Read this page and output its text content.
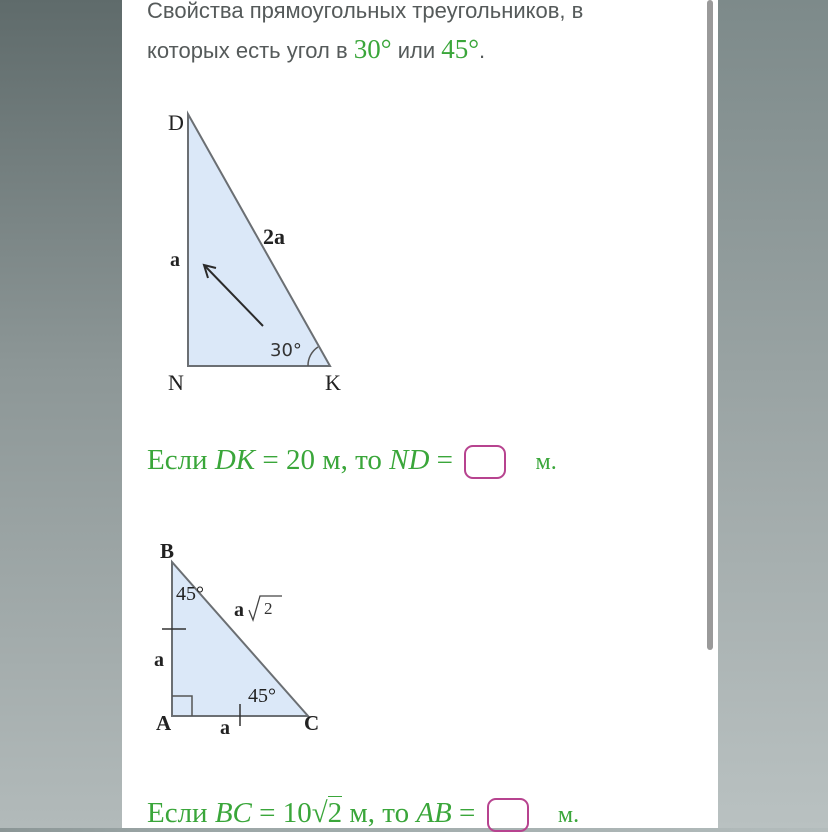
Свойства прямоугольных треугольников, в
которых есть угол в 30° или 45°.
D
N	K
a
2a
30°
Если DK = 20 м, то ND =	м.
B
A	C
45°
45°
a 2
a
a
Если BC = 10√2 м, то AB =	м.
